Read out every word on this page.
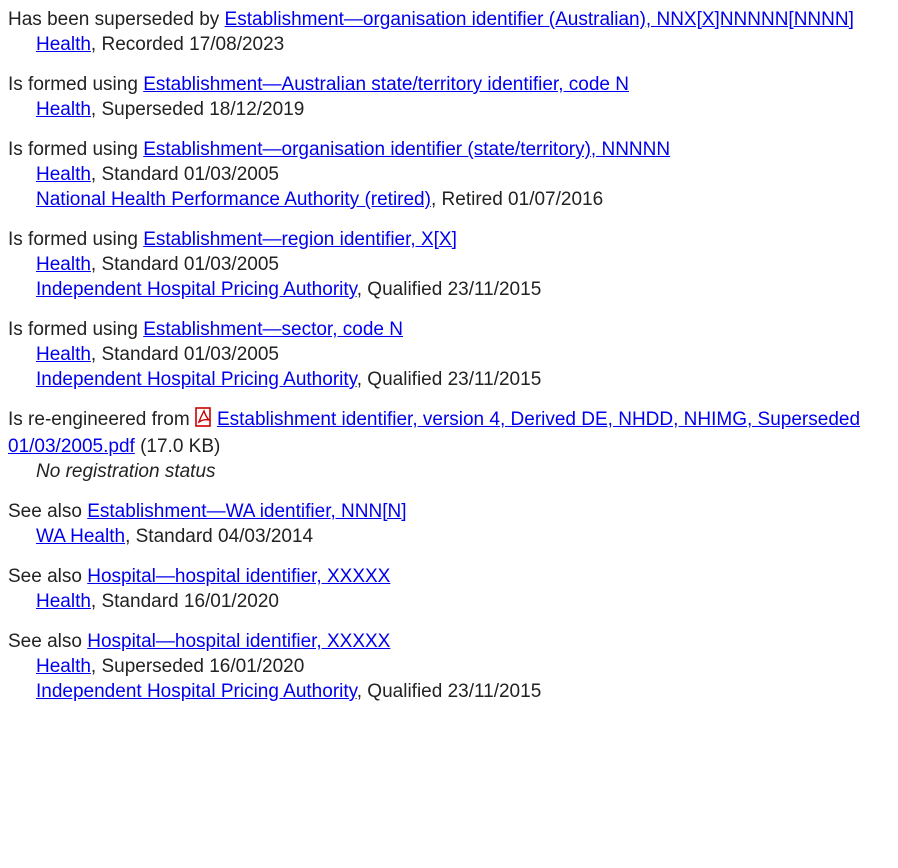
Has been superseded by Establishment—organisation identifier (Australian), NNX[X]NNNNN[NNNN]
Health, Recorded 17/08/2023
Is formed using Establishment—Australian state/territory identifier, code N
Health, Superseded 18/12/2019
Is formed using Establishment—organisation identifier (state/territory), NNNNN
Health, Standard 01/03/2005
National Health Performance Authority (retired), Retired 01/07/2016
Is formed using Establishment—region identifier, X[X]
Health, Standard 01/03/2005
Independent Hospital Pricing Authority, Qualified 23/11/2015
Is formed using Establishment—sector, code N
Health, Standard 01/03/2005
Independent Hospital Pricing Authority, Qualified 23/11/2015
Is re-engineered from Establishment identifier, version 4, Derived DE, NHDD, NHIMG, Superseded 01/03/2005.pdf (17.0 KB)
No registration status
See also Establishment—WA identifier, NNN[N]
WA Health, Standard 04/03/2014
See also Hospital—hospital identifier, XXXXX
Health, Standard 16/01/2020
See also Hospital—hospital identifier, XXXXX
Health, Superseded 16/01/2020
Independent Hospital Pricing Authority, Qualified 23/11/2015
